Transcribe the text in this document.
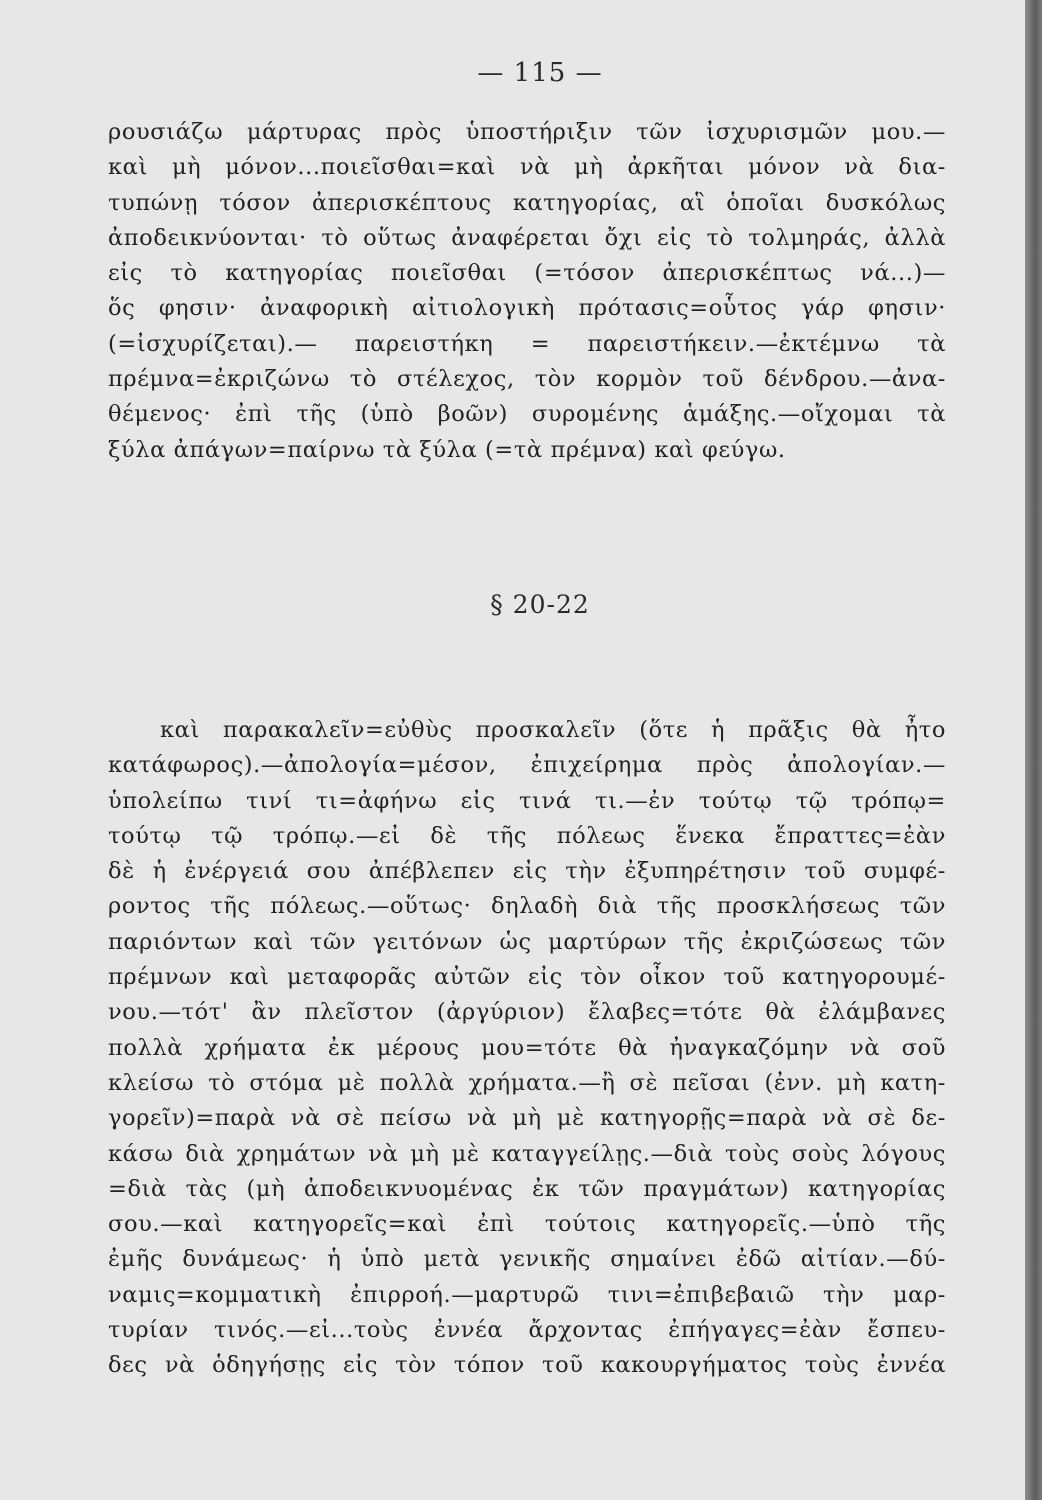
— 115 —
ρουσιάζω μάρτυρας πρὸς ὑποστήριξιν τῶν ἰσχυρισμῶν μου.—
καὶ μὴ μόνον...ποιεῖσθαι=καὶ νὰ μὴ ἀρκῆται μόνον νὰ δια-
τυπώνῃ τόσον ἀπερισκέπτους κατηγορίας, αἳ ὁποῖαι δυσκόλως
ἀποδεικνύονται· τὸ οὕτως ἀναφέρεται ὄχι εἰς τὸ τολμηράς, ἀλλὰ
εἰς τὸ κατηγορίας ποιεῖσθαι (=τόσον ἀπερισκέπτως νά...)—
ὅς φησιν· ἀναφορικὴ αἰτιολογικὴ πρότασις=οὗτος γάρ φησιν·
(=ἰσχυρίζεται).— παρειστήκη = παρειστήκειν.—ἐκτέμνω τὰ
πρέμνα=ἐκριζώνω τὸ στέλεχος, τὸν κορμὸν τοῦ δένδρου.—ἀνα-
θέμενος· ἐπὶ τῆς (ὑπὸ βοῶν) συρομένης ἁμάξης.—οἴχομαι τὰ
ξύλα ἀπάγων=παίρνω τὰ ξύλα (=τὰ πρέμνα) καὶ φεύγω.
§ 20-22
καὶ παρακαλεῖν=εὐθὺς προσκαλεῖν (ὅτε ἡ πρᾶξις θὰ ἦτο
κατάφωρος).—ἀπολογία=μέσον, ἐπιχείρημα πρὸς ἀπολογίαν.—
ὑπολείπω τινί τι=ἀφήνω εἰς τινά τι.—ἐν τούτῳ τῷ τρόπῳ=
τούτῳ τῷ τρόπῳ.—εἰ δὲ τῆς πόλεως ἕνεκα ἔπραττες=ἐὰν
δὲ ἡ ἐνέργειά σου ἀπέβλεπεν εἰς τὴν ἐξυπηρέτησιν τοῦ συμφέ-
ροντος τῆς πόλεως.—οὕτως· δηλαδὴ διὰ τῆς προσκλήσεως τῶν
παριόντων καὶ τῶν γειτόνων ὡς μαρτύρων τῆς ἐκριζώσεως τῶν
πρέμνων καὶ μεταφορᾶς αὐτῶν εἰς τὸν οἶκον τοῦ κατηγορουμέ-
νου.—τότ' ἂν πλεῖστον (ἀργύριον) ἔλαβες=τότε θὰ ἐλάμβανες
πολλὰ χρήματα ἐκ μέρους μου=τότε θὰ ἠναγκαζόμην νὰ σοῦ
κλείσω τὸ στόμα μὲ πολλὰ χρήματα.—ἢ σὲ πεῖσαι (ἐνν. μὴ κατη-
γορεῖν)=παρὰ νὰ σὲ πείσω νὰ μὴ μὲ κατηγορῇς=παρὰ νὰ σὲ δε-
κάσω διὰ χρημάτων νὰ μὴ μὲ καταγγείλῃς.—διὰ τοὺς σοὺς λόγους
=διὰ τὰς (μὴ ἀποδεικνυομένας ἐκ τῶν πραγμάτων) κατηγορίας
σου.—καὶ κατηγορεῖς=καὶ ἐπὶ τούτοις κατηγορεῖς.—ὑπὸ τῆς
ἐμῆς δυνάμεως· ἡ ὑπὸ μετὰ γενικῆς σημαίνει ἐδῶ αἰτίαν.—δύ-
ναμις=κομματικὴ ἐπιρροή.—μαρτυρῶ τινι=ἐπιβεβαιῶ τὴν μαρ-
τυρίαν τινός.—εἰ...τοὺς ἐννέα ἄρχοντας ἐπήγαγες=ἐὰν ἔσπευ-
δες νὰ ὁδηγήσῃς εἰς τὸν τόπον τοῦ κακουργήματος τοὺς ἐννέα
